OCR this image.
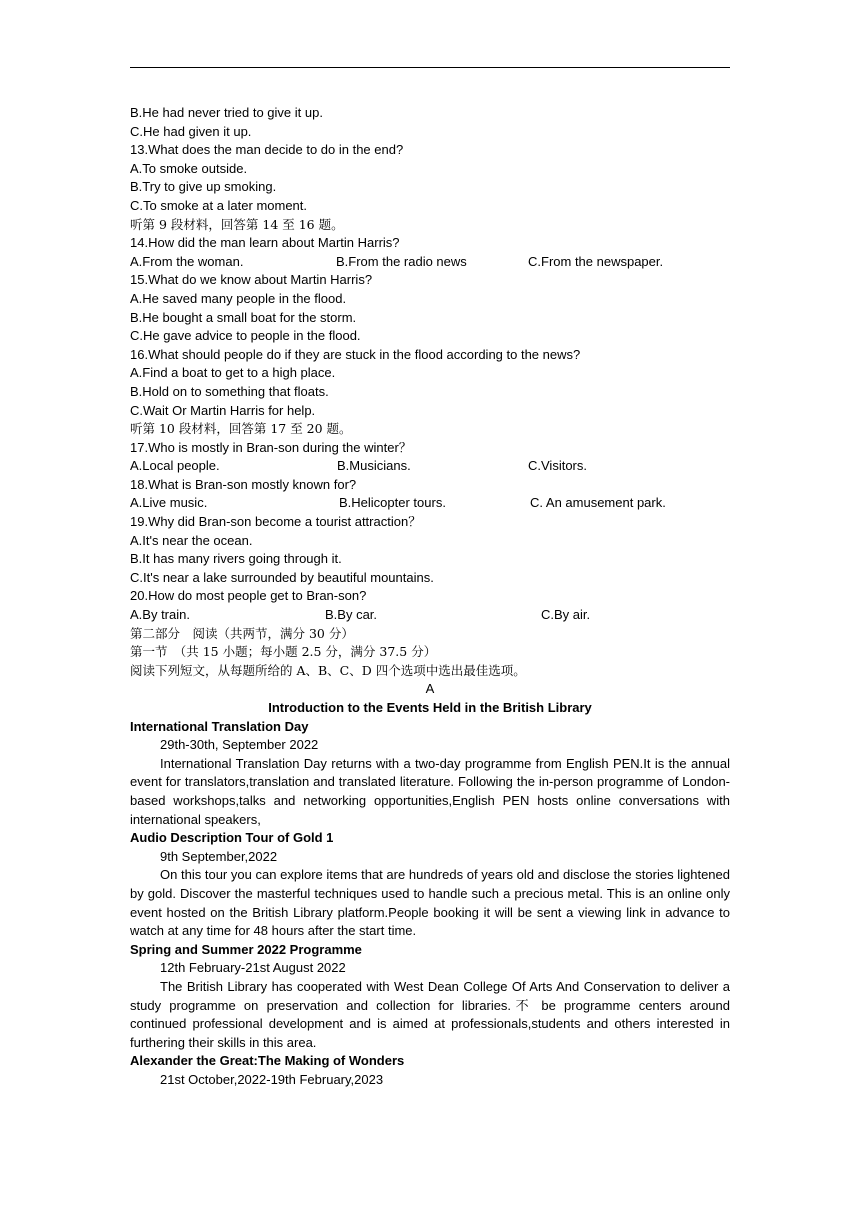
B.He had never tried to give it up.
C.He had given it up.
13.What does the man decide to do in the end?
A.To smoke outside.
B.Try to give up smoking.
C.To smoke at a later moment.
听第 9 段材料，回答第 14 至 16 题。
14.How did the man learn about Martin Harris?
A.From the woman.	B.From the radio news	C.From the newspaper.
15.What do we know about Martin Harris?
A.He saved many people in the flood.
B.He bought a small boat for the storm.
C.He gave advice to people in the flood.
16.What should people do if they are stuck in the flood according to the news?
A.Find a boat to get to a high place.
B.Hold on to something that floats.
C.Wait Or Martin Harris for help.
听第 10 段材料，回答第 17 至 20 题。
17.Who is mostly in Bran-son during the winter？
A.Local people.	B.Musicians.	C.Visitors.
18.What is Bran-son mostly known for?
A.Live music.	B.Helicopter tours.	C. An amusement park.
19.Why did Bran-son become a tourist attraction？
A.It's near the ocean.
B.It has many rivers going through it.
C.It's near a lake surrounded by beautiful mountains.
20.How do most people get to Bran-son?
A.By train.	B.By car.	C.By air.
第二部分　阅读（共两节，满分 30 分）
第一节　（共 15 小题；每小题 2.5 分，满分 37.5 分）
阅读下列短文，从每题所给的 A、B、C、D 四个选项中选出最佳选项。
A
Introduction to the Events Held in the British Library
International Translation Day
29th-30th, September 2022
International Translation Day returns with a two-day programme from English PEN.It is the annual event for translators,translation and translated literature. Following the in-person programme of London-based workshops,talks and networking opportunities,English PEN hosts online conversations with international speakers,
Audio Description Tour of Gold 1
9th September,2022
On this tour you can explore items that are hundreds of years old and disclose the stories lightened by gold. Discover the masterful techniques used to handle such a precious metal. This is an online only event hosted on the British Library platform.People booking it will be sent a viewing link in advance to watch at any time for 48 hours after the start time.
Spring and Summer 2022 Programme
12th February-21st August 2022
The British Library has cooperated with West Dean College Of Arts And Conservation to deliver a study programme on preservation and collection for libraries.不 be programme centers around continued professional development and is aimed at professionals,students and others interested in furthering their skills in this area.
Alexander the Great:The Making of Wonders
21st October,2022-19th February,2023
